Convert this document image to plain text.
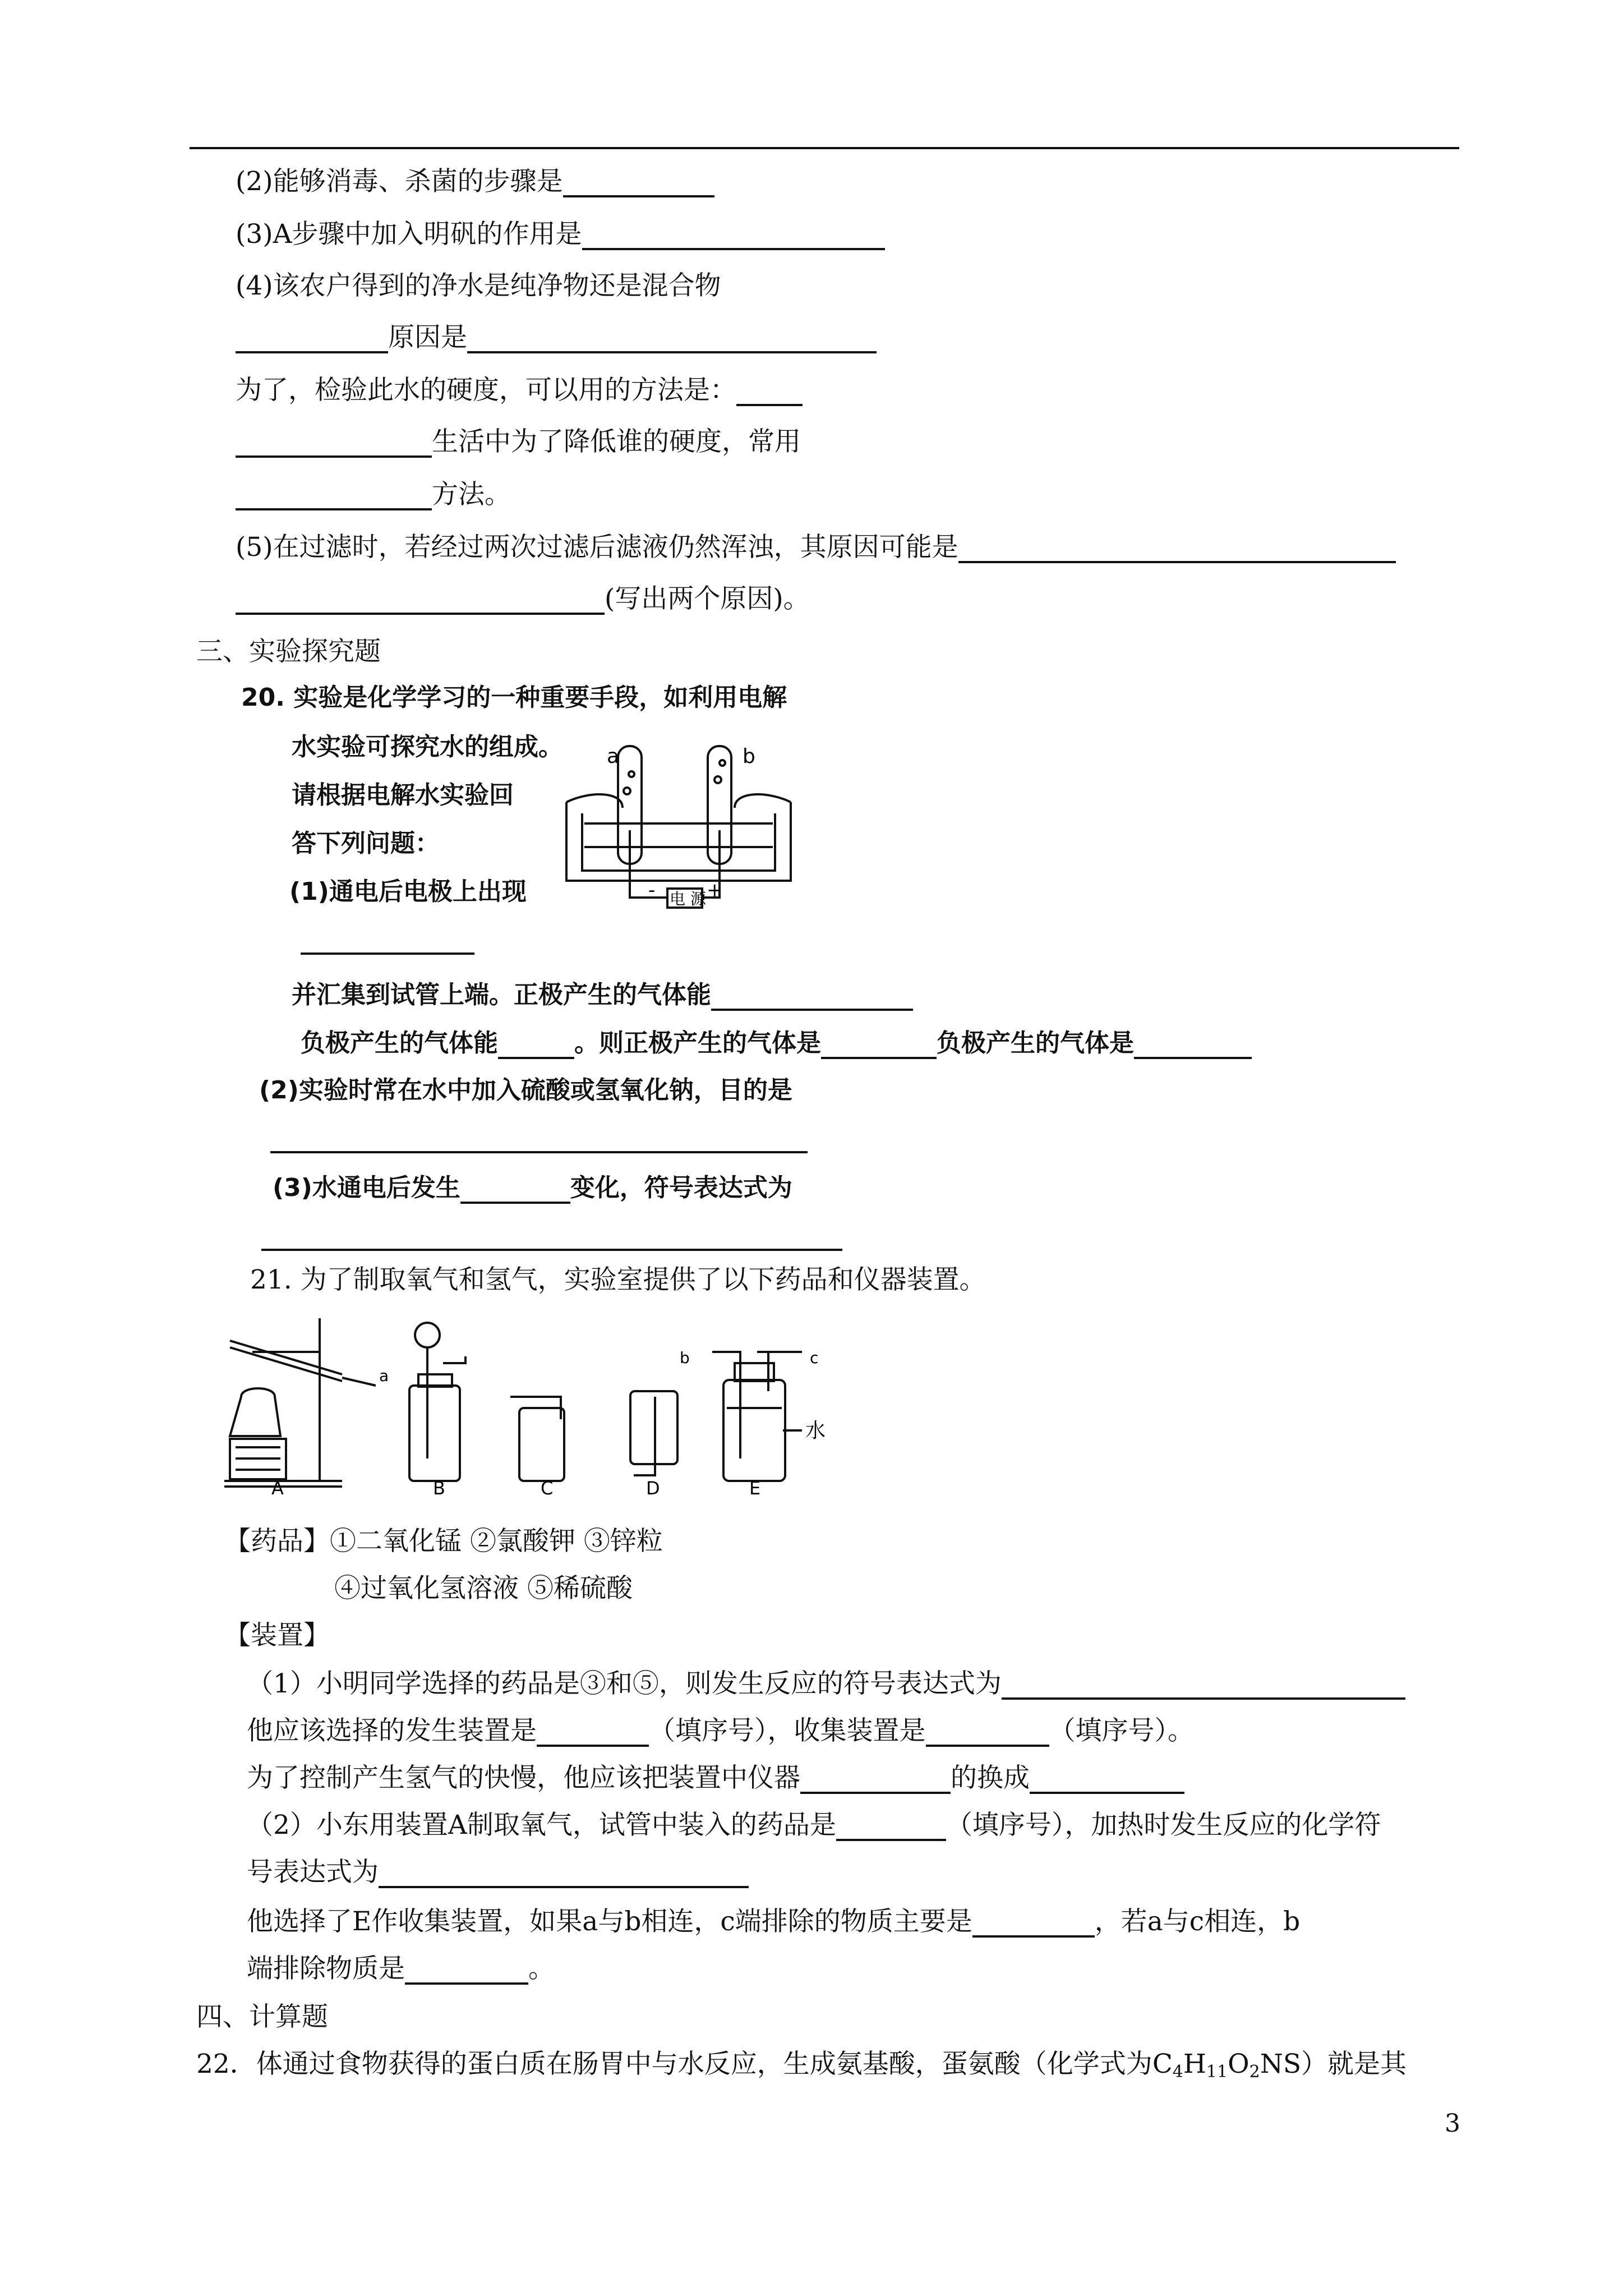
(2)能够消毒、杀菌的步骤是
(3)A步骤中加入明矾的作用是
(4)该农户得到的净水是纯净物还是混合物
原因是
为了，检验此水的硬度，可以用的方法是：
生活中为了降低谁的硬度，常用
方法。
(5)在过滤时，若经过两次过滤后滤液仍然浑浊，其原因可能是
(写出两个原因)。
三、实验探究题
20. 实验是化学学习的一种重要手段，如利用电解
水实验可探究水的组成。
请根据电解水实验回
答下列问题：
(1)通电后电极上出现
a	b
电 源
-	+
并汇集到试管上端。正极产生的气体能
负极产生的气体能	。则正极产生的气体是	负极产生的气体是
(2)实验时常在水中加入硫酸或氢氧化钠，目的是
(3)水通电后发生	变化，符号表达式为
21. 为了制取氧气和氢气，实验室提供了以下药品和仪器装置。
A	B	C	D	E
a
b	c
水
【药品】①二氧化锰 ②氯酸钾 ③锌粒
④过氧化氢溶液 ⑤稀硫酸
【装置】
（1）小明同学选择的药品是③和⑤，则发生反应的符号表达式为
他应该选择的发生装置是	（填序号），收集装置是	（填序号）。
为了控制产生氢气的快慢，他应该把装置中仪器	的换成
（2）小东用装置A制取氧气，试管中装入的药品是	（填序号），加热时发生反应的化学符
号表达式为
他选择了E作收集装置，如果a与b相连，c端排除的物质主要是	，若a与c相连，b
端排除物质是	。
四、计算题
22．体通过食物获得的蛋白质在肠胃中与水反应，生成氨基酸，蛋氨酸（化学式为$C_4H_{11}O_2NS$）就是其
3
